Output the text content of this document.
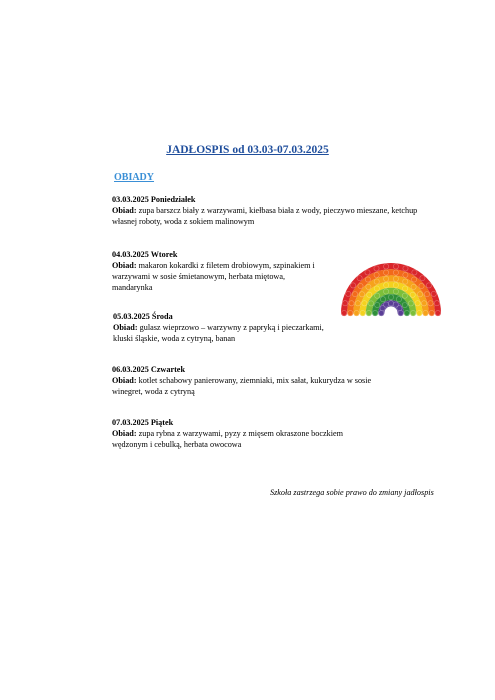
JADŁOSPIS od 03.03-07.03.2025
OBIADY
03.03.2025 Poniedziałek
Obiad: zupa barszcz biały z warzywami, kiełbasa biała z wody, pieczywo mieszane, ketchup własnej roboty, woda z sokiem malinowym
04.03.2025 Wtorek
Obiad: makaron kokardki z filetem drobiowym, szpinakiem i warzywami w sosie śmietanowym, herbata miętowa, mandarynka
05.03.2025 Środa
Obiad: gulasz wieprzowo – warzywny z papryką i pieczarkami, kluski śląskie, woda z cytryną, banan
06.03.2025 Czwartek
Obiad: kotlet schabowy panierowany, ziemniaki, mix sałat, kukurydza w sosie winegret, woda z cytryną
07.03.2025 Piątek
Obiad: zupa rybna z warzywami, pyzy z mięsem okraszone boczkiem wędzonym i cebulką, herbata owocowa
Szkoła zastrzega sobie prawo do zmiany jadłospis
